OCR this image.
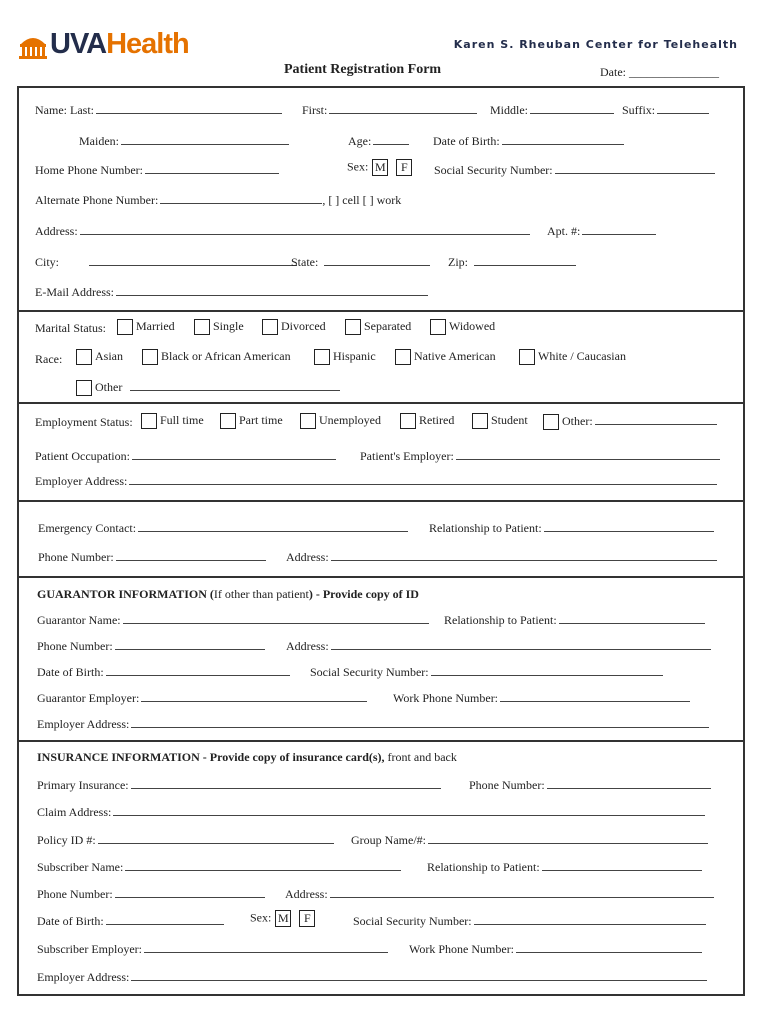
UVAHealth	Karen S. Rheuban Center for Telehealth
Patient Registration Form	Date: _______________
Name: Last:	First:	Middle:	Suffix:
Maiden:	Age:	Date of Birth:
Home Phone Number:	Sex: M F	Social Security Number:
Alternate Phone Number:	, [ ] cell [ ] work
Address:	Apt. #:
City:	State:	Zip:
E-Mail Address:
Marital Status:	Married	Single	Divorced	Separated	Widowed
Race:	Asian	Black or African American	Hispanic	Native American	White / Caucasian
Other
Employment Status:	Full time	Part time	Unemployed	Retired	Student	Other:
Patient Occupation:	Patient's Employer:
Employer Address:
Emergency Contact:	Relationship to Patient:
Phone Number:	Address:
GUARANTOR INFORMATION (If other than patient) - Provide copy of ID
Guarantor Name:	Relationship to Patient:
Phone Number:	Address:
Date of Birth:	Social Security Number:
Guarantor Employer:	Work Phone Number:
Employer Address:
INSURANCE INFORMATION - Provide copy of insurance card(s), front and back
Primary Insurance:	Phone Number:
Claim Address:
Policy ID #:	Group Name/#:
Subscriber Name:	Relationship to Patient:
Phone Number:	Address:
Date of Birth:	Sex: M F	Social Security Number:
Subscriber Employer:	Work Phone Number:
Employer Address:
